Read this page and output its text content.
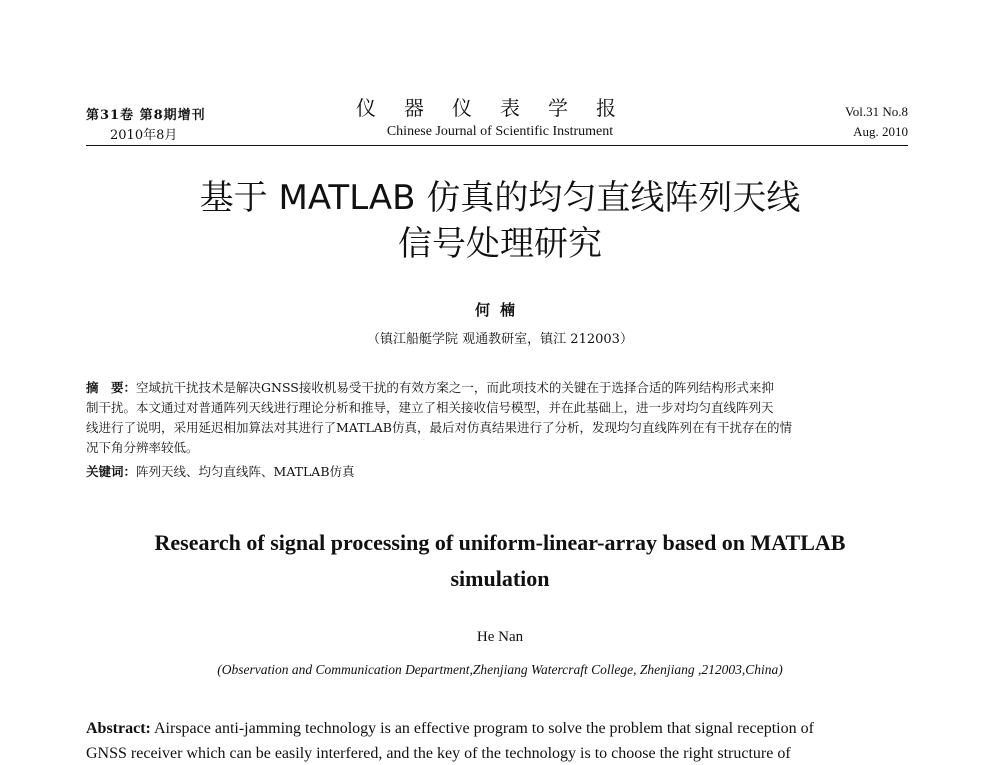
第31卷 第8期增刊
2010年8月
仪器仪表学报
Chinese Journal of Scientific Instrument
Vol.31 No.8
Aug. 2010
基于 MATLAB 仿真的均匀直线阵列天线
信号处理研究
何楠
（镇江船艇学院 观通教研室，镇江 212003）
摘　要：空域抗干扰技术是解决GNSS接收机易受干扰的有效方案之一，而此项技术的关键在于选择合适的阵列结构形式来抑
制干扰。本文通过对普通阵列天线进行理论分析和推导，建立了相关接收信号模型，并在此基础上，进一步对均匀直线阵列天
线进行了说明，采用延迟相加算法对其进行了MATLAB仿真，最后对仿真结果进行了分析，发现均匀直线阵列在有干扰存在的情
况下角分辨率较低。
关键词：阵列天线、均匀直线阵、MATLAB仿真
Research of signal processing of uniform-linear-array based on MATLAB
simulation
He Nan
(Observation and Communication Department,Zhenjiang Watercraft College, Zhenjiang ,212003,China)
Abstract: Airspace anti-jamming technology is an effective program to solve the problem that signal reception of
GNSS receiver which can be easily interfered, and the key of the technology is to choose the right structure of
